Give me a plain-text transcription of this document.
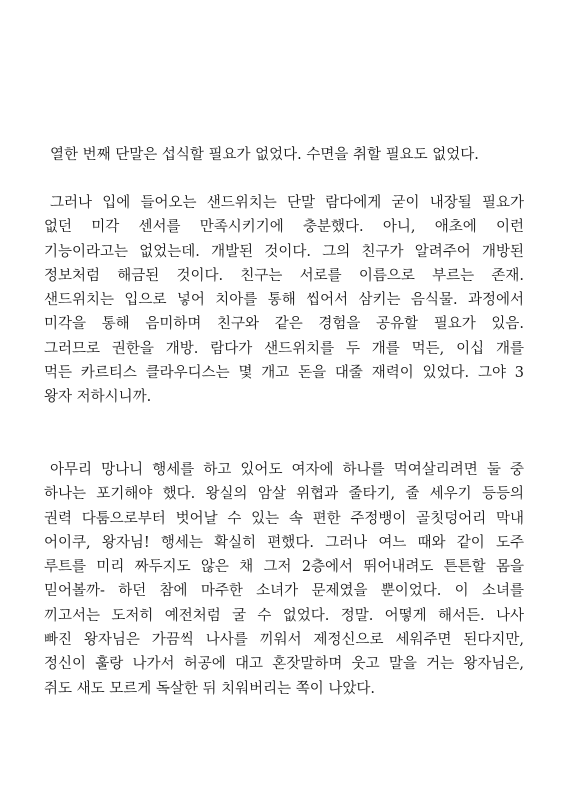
열한 번째 단말은 섭식할 필요가 없었다. 수면을 취할 필요도 없었다.
그러나 입에 들어오는 샌드위치는 단말 람다에게 굳이 내장될 필요가
없던 미각 센서를 만족시키기에 충분했다. 아니, 애초에 이런
기능이라고는 없었는데. 개발된 것이다. 그의 친구가 알려주어 개방된
정보처럼 해금된 것이다. 친구는 서로를 이름으로 부르는 존재.
샌드위치는 입으로 넣어 치아를 통해 씹어서 삼키는 음식물. 과정에서
미각을 통해 음미하며 친구와 같은 경험을 공유할 필요가 있음.
그러므로 권한을 개방. 람다가 샌드위치를 두 개를 먹든, 이십 개를
먹든 카르티스 클라우디스는 몇 개고 돈을 대줄 재력이 있었다. 그야 3
왕자 저하시니까.
아무리 망나니 행세를 하고 있어도 여자에 하나를 먹여살리려면 둘 중
하나는 포기해야 했다. 왕실의 암살 위협과 줄타기, 줄 세우기 등등의
권력 다툼으로부터 벗어날 수 있는 속 편한 주정뱅이 골칫덩어리 막내
어이쿠, 왕자님! 행세는 확실히 편했다. 그러나 여느 때와 같이 도주
루트를 미리 짜두지도 않은 채 그저 2층에서 뛰어내려도 튼튼할 몸을
믿어볼까- 하던 참에 마주한 소녀가 문제였을 뿐이었다. 이 소녀를
끼고서는 도저히 예전처럼 굴 수 없었다. 정말. 어떻게 해서든. 나사
빠진 왕자님은 가끔씩 나사를 끼워서 제정신으로 세워주면 된다지만,
정신이 훌랑 나가서 허공에 대고 혼잣말하며 웃고 말을 거는 왕자님은,
쥐도 새도 모르게 독살한 뒤 치워버리는 쪽이 나았다.
